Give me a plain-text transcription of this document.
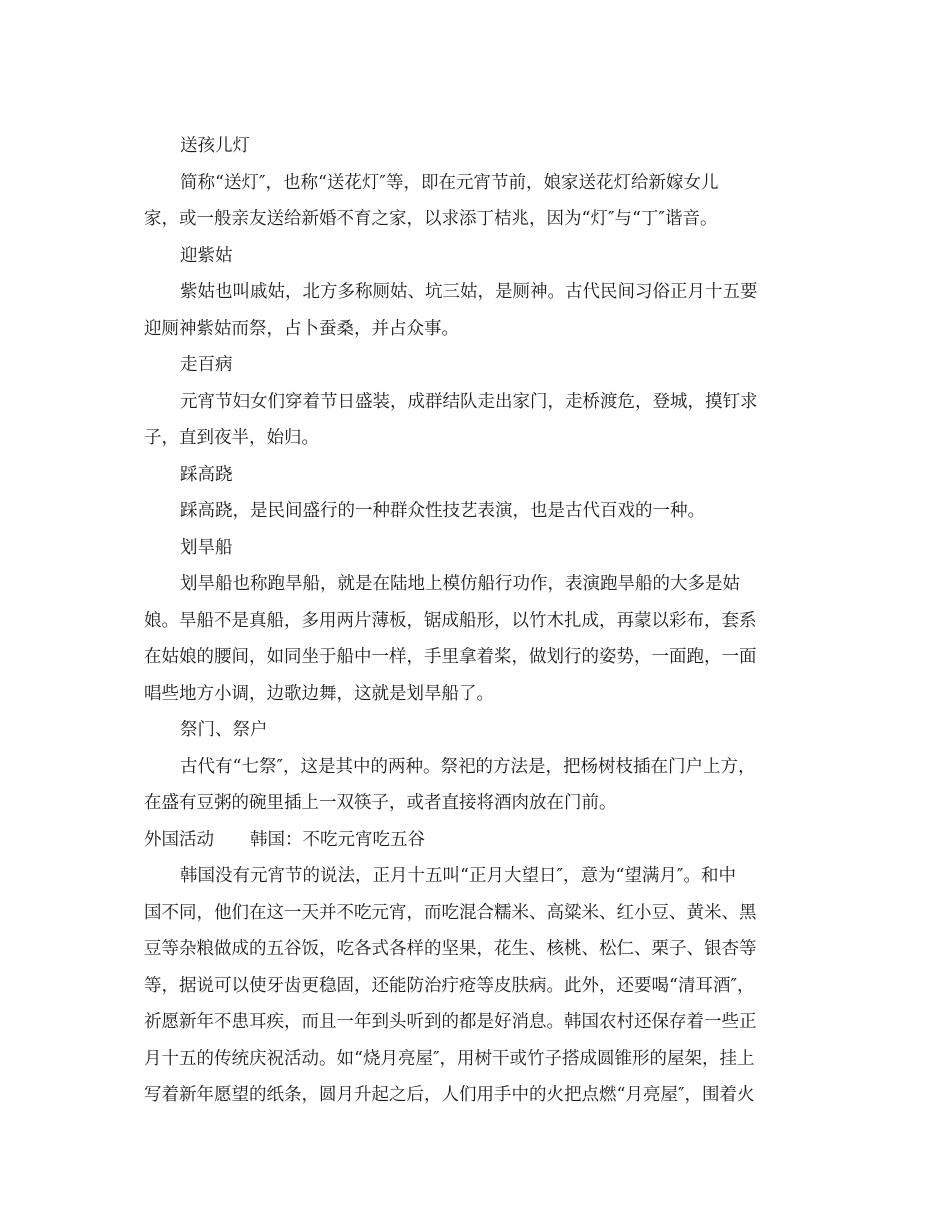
送孩儿灯
简称“送灯″，也称“送花灯″等，即在元宵节前，娘家送花灯给新嫁女儿
家，或一般亲友送给新婚不育之家，以求添丁桔兆，因为“灯″与“丁″谐音。
迎紫姑
紫姑也叫戚姑，北方多称厕姑、坑三姑，是厕神。古代民间习俗正月十五要
迎厕神紫姑而祭，占卜蚕桑，并占众事。
走百病
元宵节妇女们穿着节日盛装，成群结队走出家门，走桥渡危，登城，摸钉求
子，直到夜半，始归。
踩高跷
踩高跷，是民间盛行的一种群众性技艺表演，也是古代百戏的一种。
划旱船
划旱船也称跑旱船，就是在陆地上模仿船行功作，表演跑旱船的大多是姑
娘。旱船不是真船，多用两片薄板，锯成船形，以竹木扎成，再蒙以彩布，套系
在姑娘的腰间，如同坐于船中一样，手里拿着桨，做划行的姿势，一面跑，一面
唱些地方小调，边歌边舞，这就是划旱船了。
祭门、祭户
古代有“七祭″，这是其中的两种。祭祀的方法是，把杨树枝插在门户上方，
在盛有豆粥的碗里插上一双筷子，或者直接将酒肉放在门前。
外国活动 韩国：不吃元宵吃五谷
韩国没有元宵节的说法，正月十五叫“正月大望日″，意为“望满月″。和中
国不同，他们在这一天并不吃元宵，而吃混合糯米、高粱米、红小豆、黄米、黑
豆等杂粮做成的五谷饭，吃各式各样的坚果，花生、核桃、松仁、栗子、银杏等
等，据说可以使牙齿更稳固，还能防治疔疮等皮肤病。此外，还要喝“清耳酒″，
祈愿新年不患耳疾，而且一年到头听到的都是好消息。韩国农村还保存着一些正
月十五的传统庆祝活动。如“烧月亮屋″，用树干或竹子搭成圆锥形的屋架，挂上
写着新年愿望的纸条，圆月升起之后，人们用手中的火把点燃“月亮屋″，围着火
